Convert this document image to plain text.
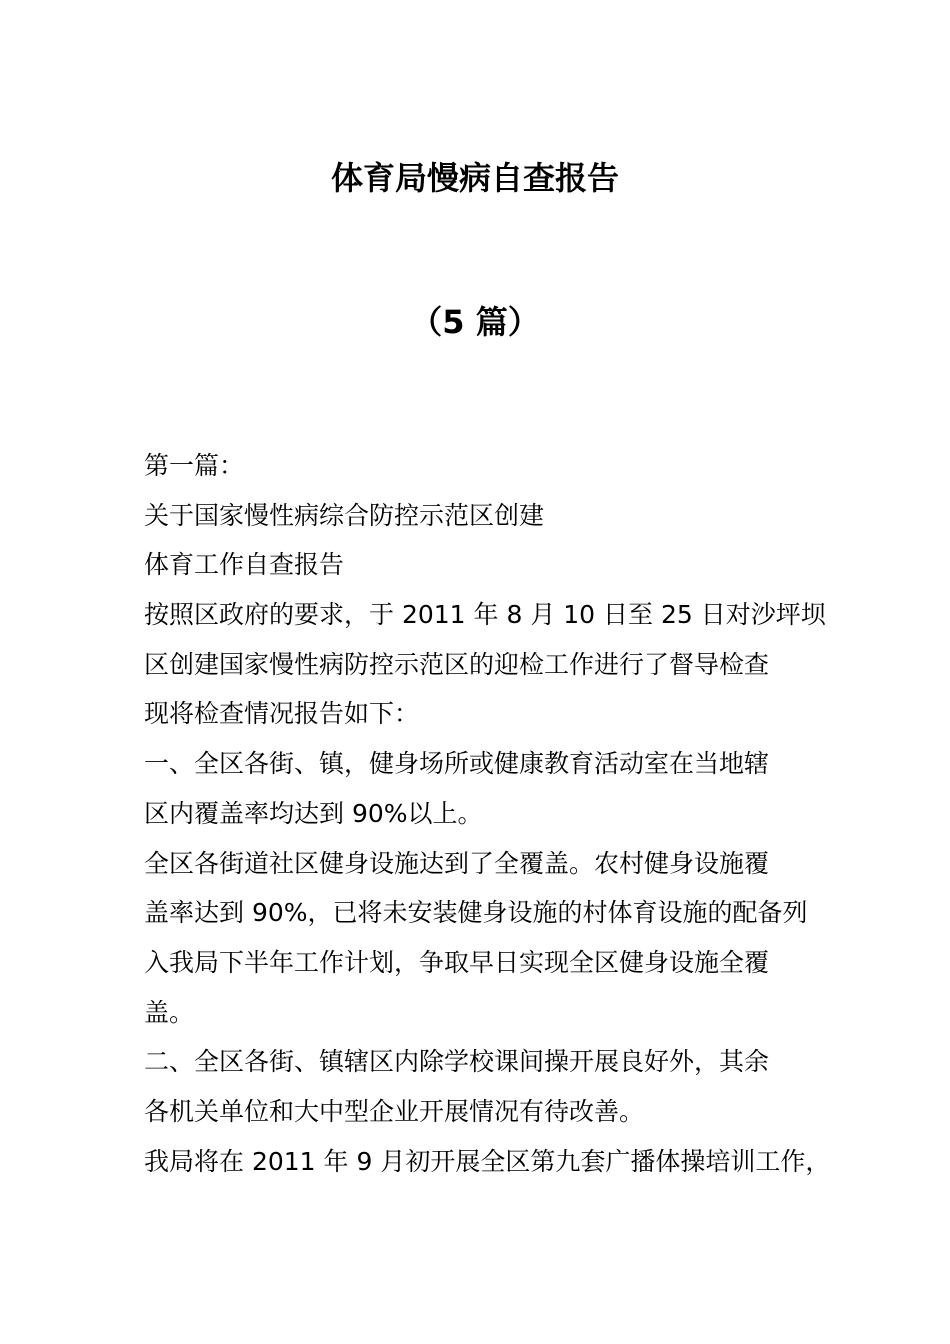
体育局慢病自查报告
（5 篇）

第一篇：

关于国家慢性病综合防控示范区创建

体育工作自查报告

按照区政府的要求，于 2011 年 8 月 10 日至 25 日对沙坪坝

区创建国家慢性病防控示范区的迎检工作进行了督导检查

现将检查情况报告如下：

一、全区各街、镇，健身场所或健康教育活动室在当地辖

区内覆盖率均达到 90%以上。

全区各街道社区健身设施达到了全覆盖。农村健身设施覆

盖率达到 90%，已将未安装健身设施的村体育设施的配备列

入我局下半年工作计划，争取早日实现全区健身设施全覆

盖。

二、全区各街、镇辖区内除学校课间操开展良好外，其余

各机关单位和大中型企业开展情况有待改善。

我局将在 2011 年 9 月初开展全区第九套广播体操培训工作，
